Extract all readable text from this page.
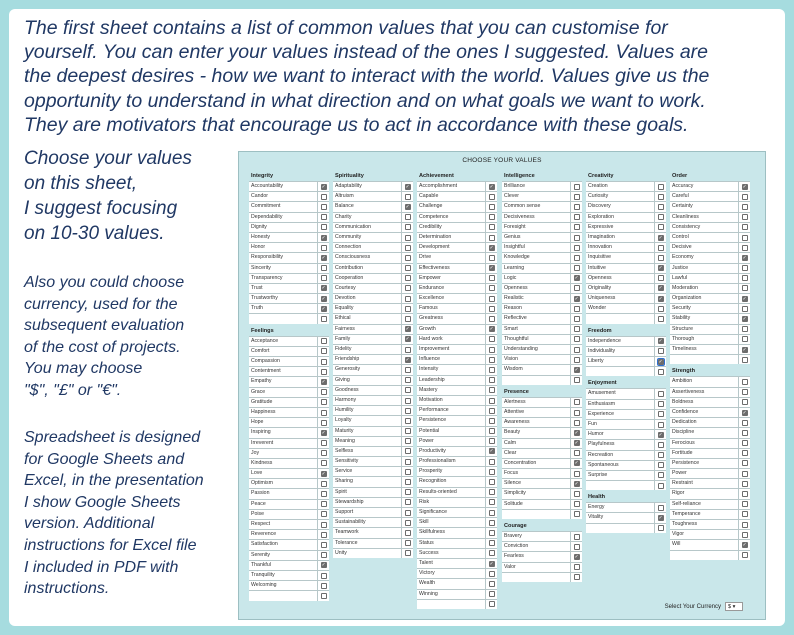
The first sheet contains a list of common values that you can customise for
yourself. You can enter your values instead of the ones I suggested. Values are
the deepest desires - how we want to interact with the world. Values give us the
opportunity to understand in what direction and on what goals we want to work.
They are motivators that encourage us to act in accordance with these goals.

Choose your values
on this sheet,
I suggest focusing
on 10-30 values.

Also you could choose
currency, used for the
subsequent evaluation
of the cost of projects.
You may choose
"$", "£" or "€".

Spreadsheet is designed
for Google Sheets and
Excel, in the presentation
I show Google Sheets
version. Additional
instructions for Excel file
I included in PDF with
instructions.

CHOOSE YOUR VALUES
Select Your Currency	$ ▾
Integrity
Accountability	✓
Candor
Commitment
Dependability
Dignity
Honesty	✓
Honor
Responsibility	✓
Sincerity
Transparency
Trust	✓
Trustworthy	✓
Truth	✓
Feelings
Acceptance
Comfort
Compassion
Contentment
Empathy	✓
Grace
Gratitude
Happiness
Hope
Inspiring	✓
Irreverent
Joy
Kindness
Love	✓
Optimism
Passion
Peace
Poise
Respect
Reverence
Satisfaction
Serenity
Thankful	✓
Tranquility
Welcoming
Spirituality
Adaptability	✓
Altruism
Balance	✓
Charity
Communication
Community
Connection
Consciousness
Contribution
Cooperation
Courtesy
Devotion
Equality
Ethical
Fairness	✓
Family	✓
Fidelity
Friendship	✓
Generosity
Giving
Goodness
Harmony
Humility
Loyalty
Maturity
Meaning
Selfless
Sensitivity
Service
Sharing
Spirit
Stewardship
Support
Sustainability
Teamwork
Tolerance
Unity
Achievement
Accomplishment	✓
Capable
Challenge
Competence
Credibility
Determination
Development	✓
Drive
Effectiveness	✓
Empower
Endurance
Excellence
Famous
Greatness
Growth	✓
Hard work
Improvement
Influence
Intensity
Leadership
Mastery
Motivation
Performance
Persistence
Potential
Power
Productivity	✓
Professionalism
Prosperity
Recognition
Results-oriented
Risk
Significance
Skill
Skillfulness
Status
Success
Talent	✓
Victory
Wealth
Winning
Intelligence
Brilliance
Clever
Common sense
Decisiveness
Foresight
Genius
Insightful
Knowledge
Learning
Logic	✓
Openness
Realistic	✓
Reason
Reflective
Smart
Thoughtful
Understanding
Vision
Wisdom	✓
Presence
Alertness
Attentive
Awareness
Beauty	✓
Calm	✓
Clear
Concentration	✓
Focus
Silence	✓
Simplicity
Solitude
Courage
Bravery
Conviction
Fearless	✓
Valor
Creativity
Creation
Curiosity
Discovery
Exploration
Expressive
Imagination	✓
Innovation
Inquisitive
Intuitive	✓
Openness
Originality	✓
Uniqueness	✓
Wonder
Freedom
Independence	✓
Individuality
Liberty	✓
Enjoyment
Amusement
Enthusiasm
Experience
Fun
Humor	✓
Playfulness
Recreation
Spontaneous
Surprise
Health
Energy
Vitality	✓
Order
Accuracy	✓
Careful
Certainty
Cleanliness
Consistency
Control
Decisive
Economy	✓
Justice
Lawful
Moderation
Organization	✓
Security
Stability	✓
Structure
Thorough
Timeliness	✓
Strength
Ambition
Assertiveness
Boldness
Confidence	✓
Dedication
Discipline
Ferocious
Fortitude
Persistence
Power
Restraint
Rigor
Self-reliance
Temperance
Toughness
Vigor
Will	✓
